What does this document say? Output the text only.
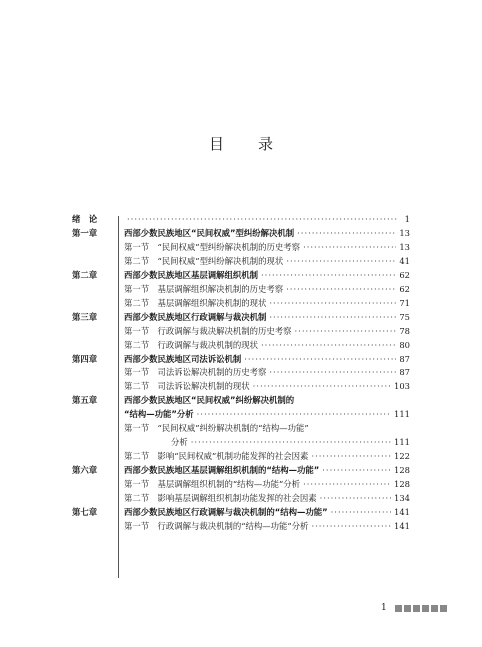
目录
绪　论 ·····	1
第一章	西部少数民族地区“民间权威”型纠纷解决机制 ·····	13
第一节　“民间权威”型纠纷解决机制的历史考察 ·····	13
第二节　“民间权威”型纠纷解决机制的现状 ·····	41
第二章	西部少数民族地区基层调解组织机制 ·····	62
第一节　基层调解组织解决机制的历史考察 ·····	62
第二节　基层调解组织解决机制的现状 ·····	71
第三章	西部少数民族地区行政调解与裁决机制 ·····	75
第一节　行政调解与裁决解决机制的历史考察 ·····	78
第二节　行政调解与裁决机制的现状 ·····	80
第四章	西部少数民族地区司法诉讼机制 ·····	87
第一节　司法诉讼解决机制的历史考察 ·····	87
第二节　司法诉讼解决机制的现状 ·····	103
第五章	西部少数民族地区“民间权威”纠纷解决机制的
“结构—功能”分析 ·····	111
第一节　“民间权威”纠纷解决机制的“结构—功能”
分析 ·····	111
第二节　影响“民间权威”机制功能发挥的社会因素 ·····	122
第六章	西部少数民族地区基层调解组织机制的“结构—功能” ·····	128
第一节　基层调解组织机制的“结构—功能”分析 ·····	128
第二节　影响基层调解组织机制功能发挥的社会因素 ·····	134
第七章	西部少数民族地区行政调解与裁决机制的“结构—功能” ·····	141
第一节　行政调解与裁决机制的“结构—功能”分析 ·····	141
1
